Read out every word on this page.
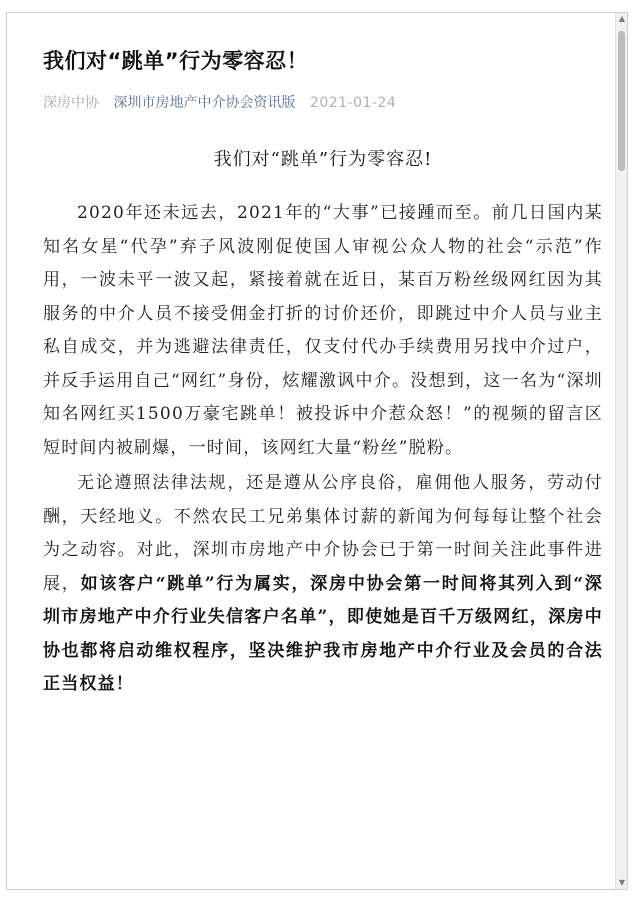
我们对“跳单”行为零容忍！
深房中协 深圳市房地产中介协会资讯版 2021-01-24
我们对“跳单”行为零容忍!

2020年还未远去，2021年的“大事”已接踵而至。前几日国内某知名女星“代孕”弃子风波刚促使国人审视公众人物的社会“示范”作用，一波未平一波又起，紧接着就在近日，某百万粉丝级网红因为其服务的中介人员不接受佣金打折的讨价还价，即跳过中介人员与业主私自成交，并为逃避法律责任，仅支付代办手续费用另找中介过户，并反手运用自己“网红”身份，炫耀激讽中介。没想到，这一名为“深圳知名网红买1500万豪宅跳单！被投诉中介惹众怒！”的视频的留言区短时间内被刷爆，一时间，该网红大量“粉丝”脱粉。

无论遵照法律法规，还是遵从公序良俗，雇佣他人服务，劳动付酬，天经地义。不然农民工兄弟集体讨薪的新闻为何每每让整个社会为之动容。对此，深圳市房地产中介协会已于第一时间关注此事件进展，如该客户“跳单”行为属实，深房中协会第一时间将其列入到“深圳市房地产中介行业失信客户名单”，即使她是百千万级网红，深房中协也都将启动维权程序，坚决维护我市房地产中介行业及会员的合法正当权益！

▲
▼
